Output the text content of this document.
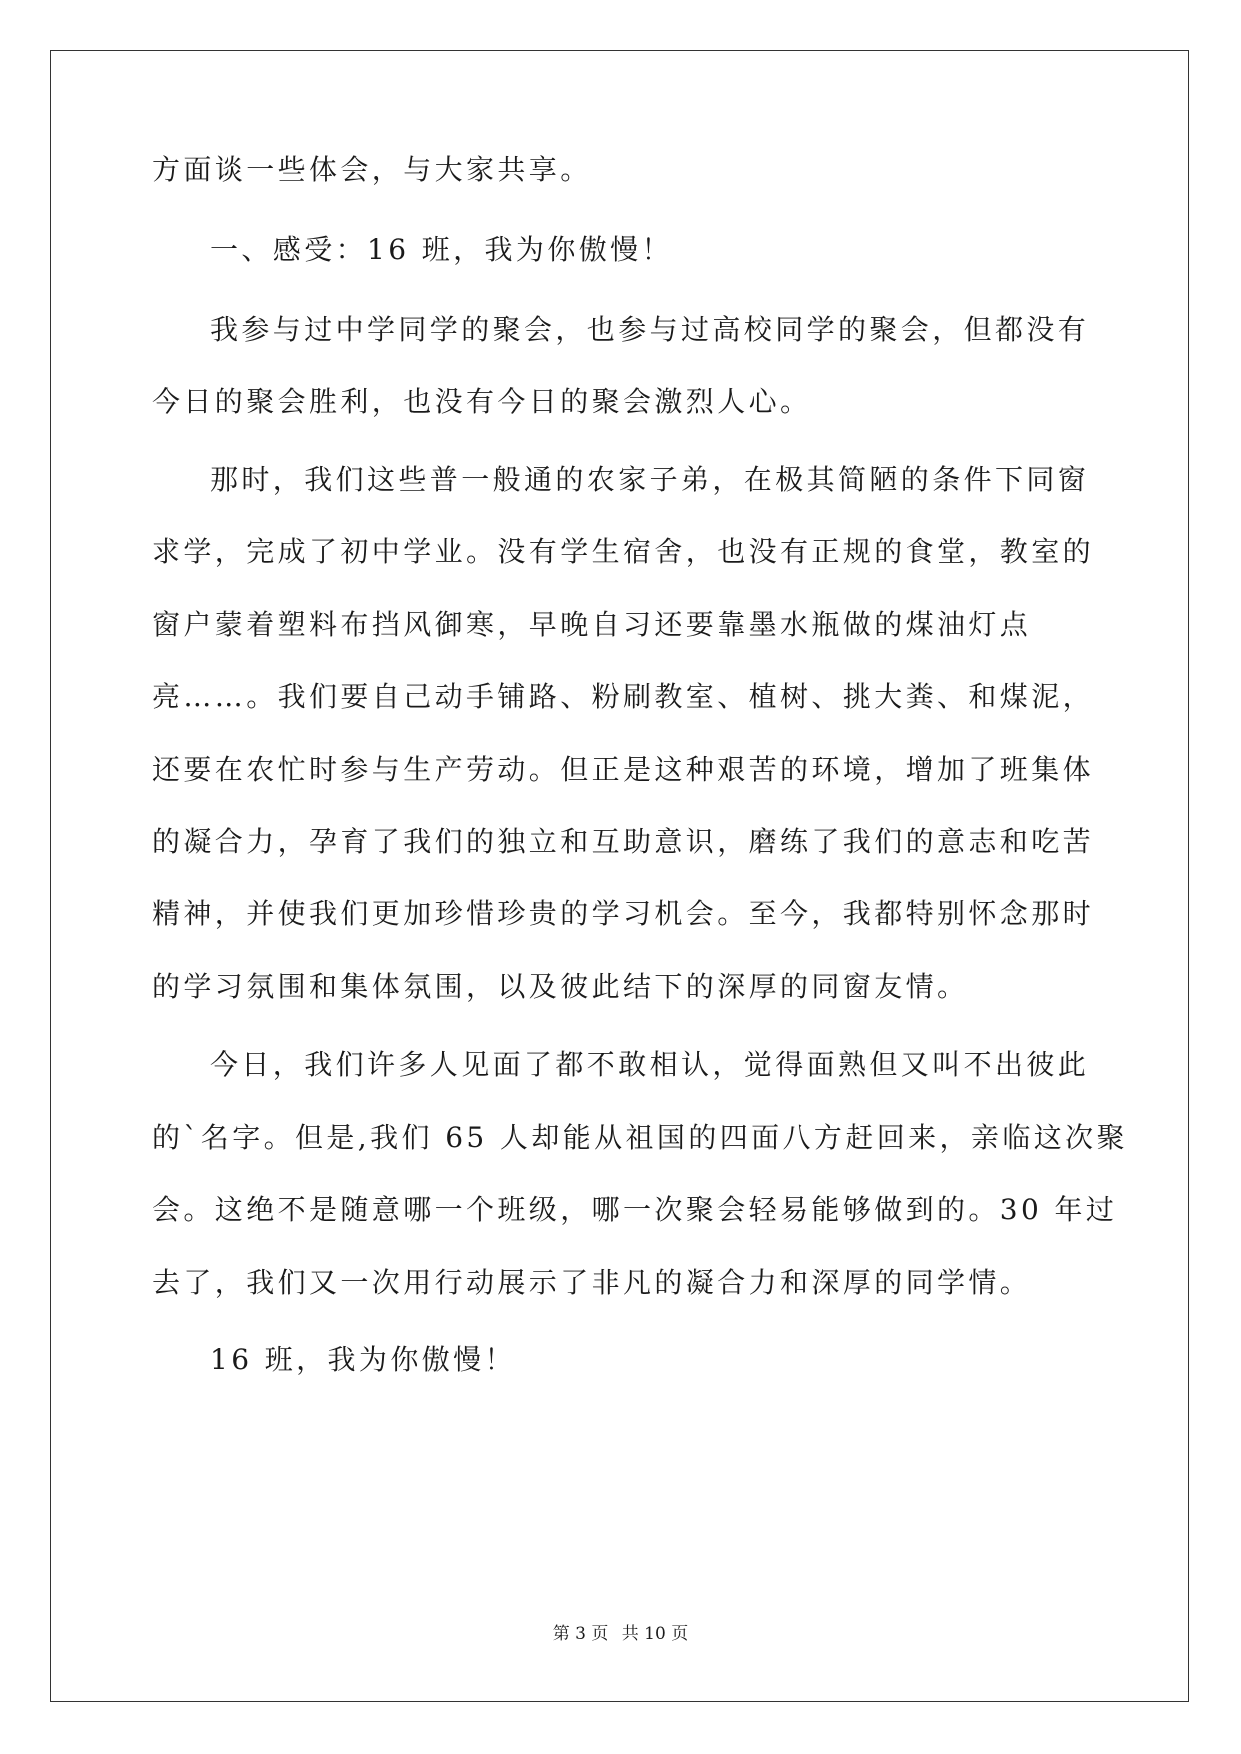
方面谈一些体会，与大家共享。
一、感受：16 班，我为你傲慢！
我参与过中学同学的聚会，也参与过高校同学的聚会，但都没有
今日的聚会胜利，也没有今日的聚会激烈人心。
那时，我们这些普一般通的农家子弟，在极其简陋的条件下同窗
求学，完成了初中学业。没有学生宿舍，也没有正规的食堂，教室的
窗户蒙着塑料布挡风御寒，早晚自习还要靠墨水瓶做的煤油灯点
亮……。我们要自己动手铺路、粉刷教室、植树、挑大粪、和煤泥，
还要在农忙时参与生产劳动。但正是这种艰苦的环境，增加了班集体
的凝合力，孕育了我们的独立和互助意识，磨练了我们的意志和吃苦
精神，并使我们更加珍惜珍贵的学习机会。至今，我都特别怀念那时
的学习氛围和集体氛围，以及彼此结下的深厚的同窗友情。
今日，我们许多人见面了都不敢相认，觉得面熟但又叫不出彼此
的`名字。但是,我们 65 人却能从祖国的四面八方赶回来，亲临这次聚
会。这绝不是随意哪一个班级，哪一次聚会轻易能够做到的。30 年过
去了，我们又一次用行动展示了非凡的凝合力和深厚的同学情。
16 班，我为你傲慢！
第 3 页 共 10 页
